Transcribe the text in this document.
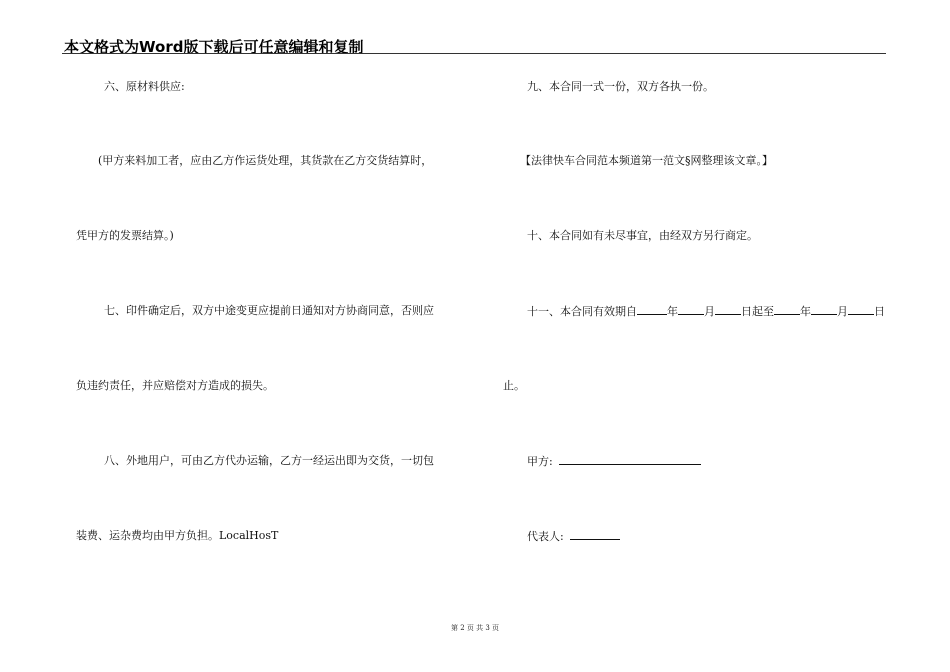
本文格式为Word版下载后可任意编辑和复制
六、原材料供应:
(甲方来料加工者，应由乙方作运货处理，其货款在乙方交货结算时，
凭甲方的发票结算。)
七、印件确定后，双方中途变更应提前日通知对方协商同意，否则应
负违约责任，并应赔偿对方造成的损失。
八、外地用户，可由乙方代办运输，乙方一经运出即为交货，一切包
装费、运杂费均由甲方负担。LocalHosT
九、本合同一式一份，双方各执一份。
【法律快车合同范本频道第一范文§网整理该文章。】
十、本合同如有未尽事宜，由经双方另行商定。
十一、本合同有效期自	年 月 日起至 年 月 日
止。
甲方:
代表人:
第 2 页 共 3 页
